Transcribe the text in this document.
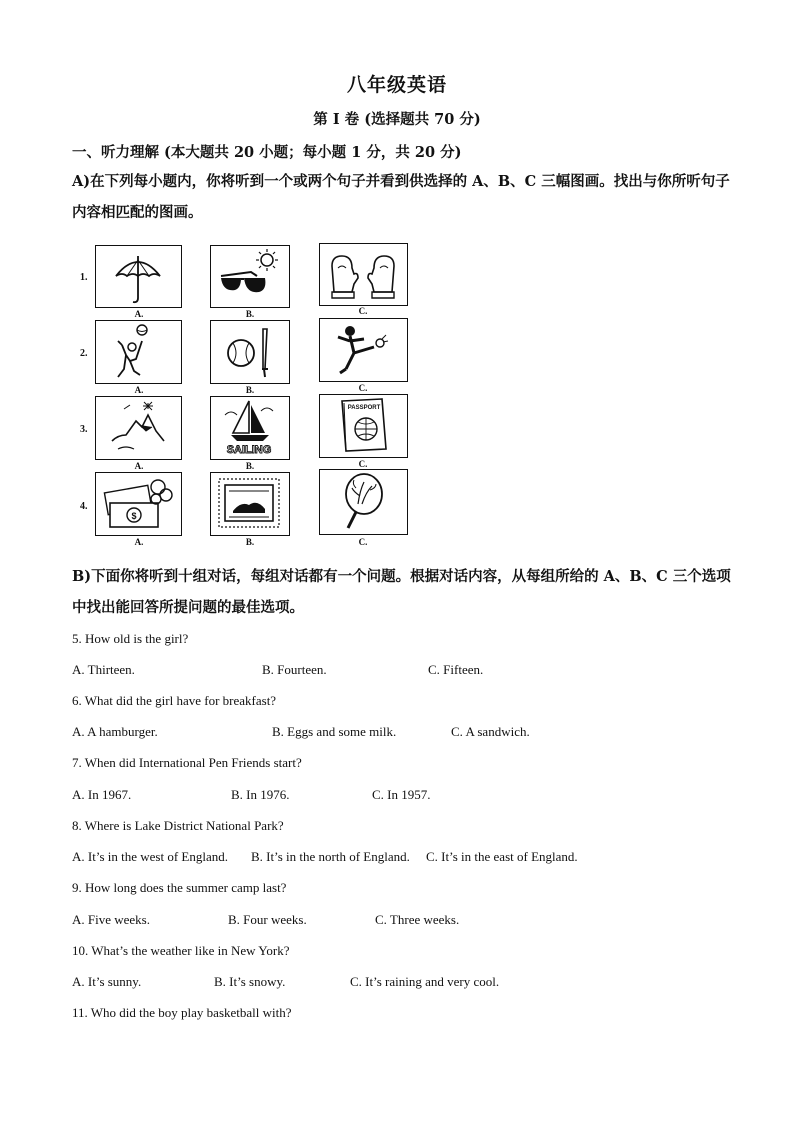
八年级英语
第 I 卷 (选择题共 70 分)
一、听力理解 (本大题共 20 小题；每小题 1 分，共 20 分)
A)在下列每小题内，你将听到一个或两个句子并看到供选择的 A、B、C 三幅图画。找出与你所听句子内容相匹配的图画。
1.
A.	B.	C.
2.
A.	B.	C.
3.
A.
SAILING
B.
PASSPORT
C.
4.
$
A.	B.	C.
B)下面你将听到十组对话，每组对话都有一个问题。根据对话内容，从每组所给的 A、B、C 三个选项中找出能回答所提问题的最佳选项。
5. How old is the girl?
A. Thirteen.	B. Fourteen.	C. Fifteen.
6. What did the girl have for breakfast?
A. A hamburger.	B. Eggs and some milk.	C. A sandwich.
7. When did International Pen Friends start?
A. In 1967.	B. In 1976.	C. In 1957.
8. Where is Lake District National Park?
A. It’s in the west of England. B. It’s in the north of England. C. It’s in the east of England.
9. How long does the summer camp last?
A. Five weeks.	B. Four weeks.	C. Three weeks.
10. What’s the weather like in New York?
A. It’s sunny.	B. It’s snowy.	C. It’s raining and very cool.
11. Who did the boy play basketball with?
